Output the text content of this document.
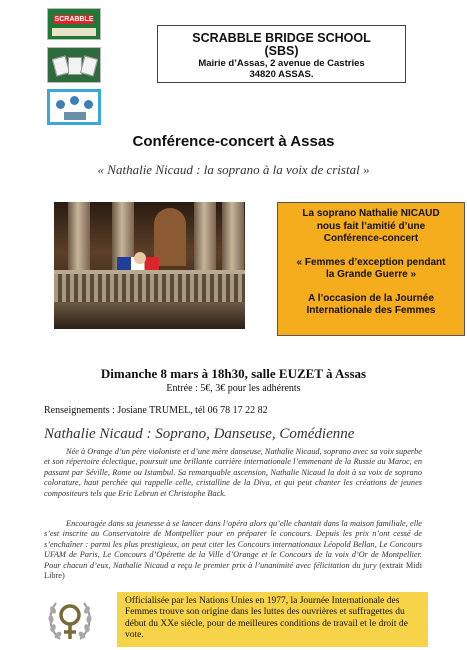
SCRABBLE
SCRABBLE BRIDGE SCHOOL
(SBS)
Mairie d’Assas, 2 avenue de Castries
34820 ASSAS.
Conférence-concert à Assas
« Nathalie Nicaud : la soprano à la voix de cristal »
La soprano Nathalie NICAUD
nous fait l’amitié d’une
Conférence-concert
« Femmes d’exception pendant
la Grande Guerre »
A l’occasion de la Journée
Internationale des Femmes
Dimanche 8 mars à 18h30, salle EUZET à Assas
Entrée : 5€, 3€ pour les adhérents
Renseignements : Josiane TRUMEL, tél 06 78 17 22 82
Nathalie Nicaud : Soprano, Danseuse, Comédienne
Née à Orange d’un père violoniste et d’une mère danseuse, Nathalie Nicaud, soprano avec sa voix superbe et son répertoire éclectique, poursuit une brillante carrière internationale l’emmenant de la Russie au Maroc, en passant par Séville, Rome ou Istambul. Sa remarquable ascension, Nathalie Nicaud la doit à sa voix de soprano colorature, haut perchée qui rappelle celle, cristalline de la Diva, et qui peut chanter les créations de jeunes compositeurs tels que Eric Lebrun et Christophe Back.
Encouragée dans sa jeunesse à se lancer dans l’opéra alors qu’elle chantait dans la maison familiale, elle s’est inscrite au Conservatoire de Montpellier pour en préparer le concours. Depuis les prix n’ont cessé de s’enchaîner : parmi les plus prestigieux, on peut citer les Concours internationaux Léopold Bellan, Le Concours UFAM de Paris, Le Concours d’Opérette de la Ville d’Orange et le Concours de la voix d’Or de Montpellier. Pour chacun d’eux, Nathalie Nicaud a reçu le premier prix à l’unanimité avec félicitation du jury (extrait Midi Libre)
Officialisée par les Nations Unies en 1977, la Journée Internationale des Femmes trouve son origine dans les luttes des ouvrières et suffragettes du début du XXe siècle, pour de meilleures conditions de travail et le droit de vote.
